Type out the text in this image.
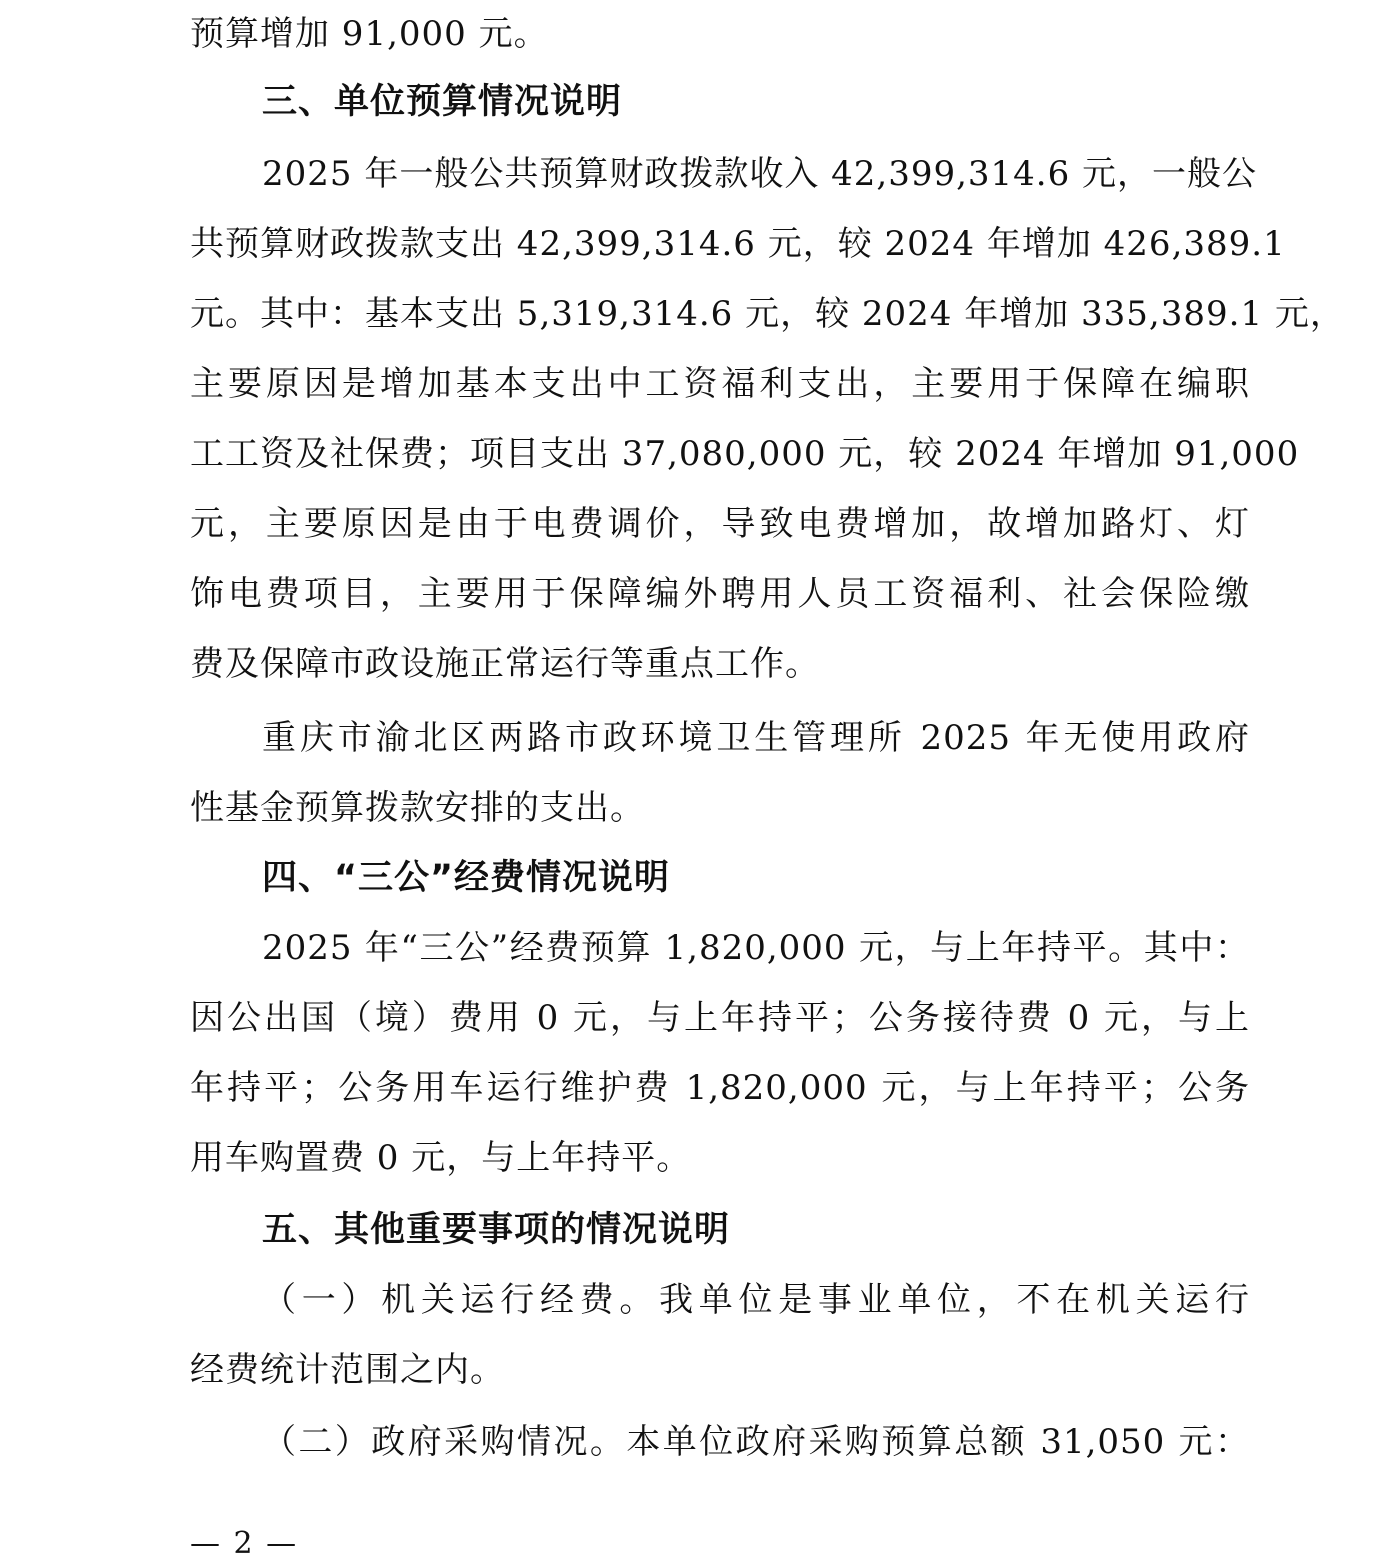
预算增加 91,000 元。
三、单位预算情况说明
2025 年一般公共预算财政拨款收入 42,399,314.6 元，一般公
共预算财政拨款支出 42,399,314.6 元，较 2024 年增加 426,389.1
元。其中：基本支出 5,319,314.6 元，较 2024 年增加 335,389.1 元，
主要原因是增加基本支出中工资福利支出，主要用于保障在编职
工工资及社保费；项目支出 37,080,000 元，较 2024 年增加 91,000
元，主要原因是由于电费调价，导致电费增加，故增加路灯、灯
饰电费项目，主要用于保障编外聘用人员工资福利、社会保险缴
费及保障市政设施正常运行等重点工作。
重庆市渝北区两路市政环境卫生管理所 2025 年无使用政府
性基金预算拨款安排的支出。
四、“三公”经费情况说明
2025 年“三公”经费预算 1,820,000 元，与上年持平。其中：
因公出国（境）费用 0 元，与上年持平；公务接待费 0 元，与上
年持平；公务用车运行维护费 1,820,000 元，与上年持平；公务
用车购置费 0 元，与上年持平。
五、其他重要事项的情况说明
（一）机关运行经费。我单位是事业单位，不在机关运行
经费统计范围之内。
（二）政府采购情况。本单位政府采购预算总额 31,050 元：
— 2 —
